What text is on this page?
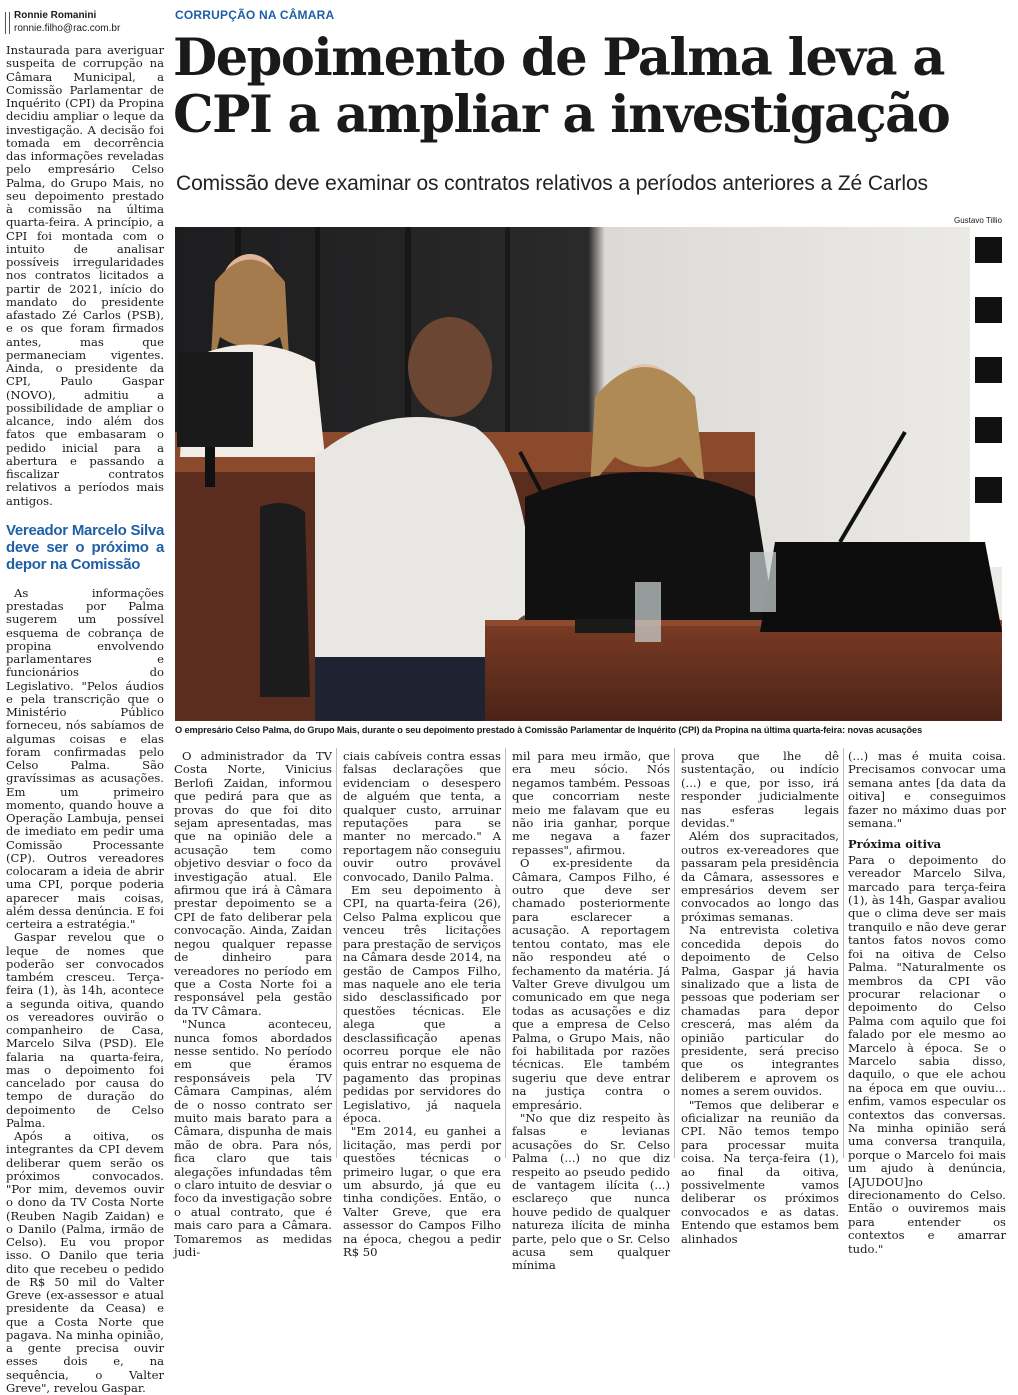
Ronnie Romanini
ronnie.filho@rac.com.br

Instaurada para averiguar suspeita de corrupção na Câmara Municipal, a Comissão Parlamentar de Inquérito (CPI) da Propina decidiu ampliar o leque da investigação. A decisão foi tomada em decorrência das informações reveladas pelo empresário Celso Palma, do Grupo Mais, no seu depoimento prestado à comissão na última quarta-feira. A princípio, a CPI foi montada com o intuito de analisar possíveis irregularidades nos contratos licitados a partir de 2021, início do mandato do presidente afastado Zé Carlos (PSB), e os que foram firmados antes, mas que permaneciam vigentes. Ainda, o presidente da CPI, Paulo Gaspar (NOVO), admitiu a possibilidade de ampliar o alcance, indo além dos fatos que embasaram o pedido inicial para a abertura e passando a fiscalizar contratos relativos a períodos mais antigos.

Vereador Marcelo Silva deve ser o próximo a depor na Comissão

As informações prestadas por Palma sugerem um possível esquema de cobrança de propina envolvendo parlamentares e funcionários do Legislativo. "Pelos áudios e pela transcrição que o Ministério Público forneceu, nós sabíamos de algumas coisas e elas foram confirmadas pelo Celso Palma. São gravíssimas as acusações. Em um primeiro momento, quando houve a Operação Lambuja, pensei de imediato em pedir uma Comissão Processante (CP). Outros vereadores colocaram a ideia de abrir uma CPI, porque poderia aparecer mais coisas, além dessa denúncia. E foi certeira a estratégia."

Gaspar revelou que o leque de nomes que poderão ser convocados também cresceu. Terça-feira (1), às 14h, acontece a segunda oitiva, quando os vereadores ouvirão o companheiro de Casa, Marcelo Silva (PSD). Ele falaria na quarta-feira, mas o depoimento foi cancelado por causa do tempo de duração do depoimento de Celso Palma.

Após a oitiva, os integrantes da CPI devem deliberar quem serão os próximos convocados. "Por mim, devemos ouvir o dono da TV Costa Norte (Reuben Nagib Zaidan) e o Danilo (Palma, irmão de Celso). Eu vou propor isso. O Danilo que teria dito que recebeu o pedido de R$ 50 mil do Valter Greve (ex-assessor e atual presidente da Ceasa) e que a Costa Norte que pagava. Na minha opinião, a gente precisa ouvir esses dois e, na sequência, o Valter Greve", revelou Gaspar.

CORRUPÇÃO NA CÂMARA
Depoimento de Palma leva a CPI a ampliar a investigação
Comissão deve examinar os contratos relativos a períodos anteriores a Zé Carlos
Gustavo Tillio
O empresário Celso Palma, do Grupo Mais, durante o seu depoimento prestado à Comissão Parlamentar de Inquérito (CPI) da Propina na última quarta-feira: novas acusações

O administrador da TV Costa Norte, Vinicius Berlofi Zaidan, informou que pedirá para que as provas do que foi dito sejam apresentadas, mas que na opinião dele a acusação tem como objetivo desviar o foco da investigação atual. Ele afirmou que irá à Câmara prestar depoimento se a CPI de fato deliberar pela convocação. Ainda, Zaidan negou qualquer repasse de dinheiro para vereadores no período em que a Costa Norte foi a responsável pela gestão da TV Câmara.

"Nunca aconteceu, nunca fomos abordados nesse sentido. No período em que éramos responsáveis pela TV Câmara Campinas, além de o nosso contrato ser muito mais barato para a Câmara, dispunha de mais mão de obra. Para nós, fica claro que tais alegações infundadas têm o claro intuito de desviar o foco da investigação sobre o atual contrato, que é mais caro para a Câmara. Tomaremos as medidas judi-

ciais cabíveis contra essas falsas declarações que evidenciam o desespero de alguém que tenta, a qualquer custo, arruinar reputações para se manter no mercado." A reportagem não conseguiu ouvir outro provável convocado, Danilo Palma.

Em seu depoimento à CPI, na quarta-feira (26), Celso Palma explicou que venceu três licitações para prestação de serviços na Câmara desde 2014, na gestão de Campos Filho, mas naquele ano ele teria sido desclassificado por questões técnicas. Ele alega que a desclassificação apenas ocorreu porque ele não quis entrar no esquema de pagamento das propinas pedidas por servidores do Legislativo, já naquela época.

"Em 2014, eu ganhei a licitação, mas perdi por questões técnicas o primeiro lugar, o que era um absurdo, já que eu tinha condições. Então, o Valter Greve, que era assessor do Campos Filho na época, chegou a pedir R$ 50

mil para meu irmão, que era meu sócio. Nós negamos também. Pessoas que concorriam neste meio me falavam que eu não iria ganhar, porque me negava a fazer repasses", afirmou.

O ex-presidente da Câmara, Campos Filho, é outro que deve ser chamado posteriormente para esclarecer a acusação. A reportagem tentou contato, mas ele não respondeu até o fechamento da matéria. Já Valter Greve divulgou um comunicado em que nega todas as acusações e diz que a empresa de Celso Palma, o Grupo Mais, não foi habilitada por razões técnicas. Ele também sugeriu que deve entrar na justiça contra o empresário.

"No que diz respeito às falsas e levianas acusações do Sr. Celso Palma (...) no que diz respeito ao pseudo pedido de vantagem ilícita (...) esclareço que nunca houve pedido de qualquer natureza ilícita de minha parte, pelo que o Sr. Celso acusa sem qualquer mínima

prova que lhe dê sustentação, ou indício (...) e que, por isso, irá responder judicialmente nas esferas legais devidas."

Além dos supracitados, outros ex-vereadores que passaram pela presidência da Câmara, assessores e empresários devem ser convocados ao longo das próximas semanas.

Na entrevista coletiva concedida depois do depoimento de Celso Palma, Gaspar já havia sinalizado que a lista de pessoas que poderiam ser chamadas para depor crescerá, mas além da opinião particular do presidente, será preciso que os integrantes deliberem e aprovem os nomes a serem ouvidos.

"Temos que deliberar e oficializar na reunião da CPI. Não temos tempo para processar muita coisa. Na terça-feira (1), ao final da oitiva, possivelmente vamos deliberar os próximos convocados e as datas. Entendo que estamos bem alinhados

(...) mas é muita coisa. Precisamos convocar uma semana antes [da data da oitiva] e conseguimos fazer no máximo duas por semana."

Próxima oitiva

Para o depoimento do vereador Marcelo Silva, marcado para terça-feira (1), às 14h, Gaspar avaliou que o clima deve ser mais tranquilo e não deve gerar tantos fatos novos como foi na oitiva de Celso Palma. "Naturalmente os membros da CPI vão procurar relacionar o depoimento do Celso Palma com aquilo que foi falado por ele mesmo ao Marcelo à época. Se o Marcelo sabia disso, daquilo, o que ele achou na época em que ouviu... enfim, vamos especular os contextos das conversas. Na minha opinião será uma conversa tranquila, porque o Marcelo foi mais um ajudo à denúncia, [AJUDOU]no direcionamento do Celso. Então o ouviremos mais para entender os contextos e amarrar tudo."
